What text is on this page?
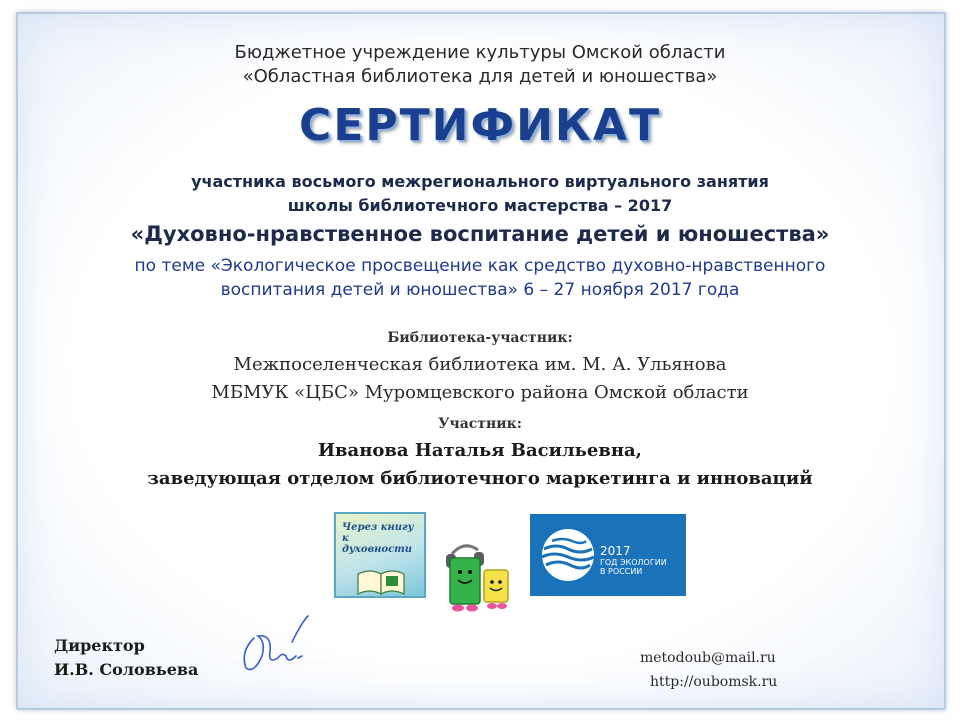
Бюджетное учреждение культуры Омской области
«Областная библиотека для детей и юношества»
СЕРТИФИКАТ
участника восьмого межрегионального виртуального занятия
школы библиотечного мастерства – 2017
«Духовно-нравственное воспитание детей и юношества»
по теме «Экологическое просвещение как средство духовно-нравственного
воспитания детей и юношества» 6 – 27 ноября 2017 года
Библиотека-участник:
Межпоселенческая библиотека им. М. А. Ульянова
МБМУК «ЦБС» Муромцевского района Омской области
Участник:
Иванова Наталья Васильевна,
заведующая отделом библиотечного маркетинга и инноваций
Через книгу к духовности	2017
ГОД ЭКОЛОГИИ
В РОССИИ
Директор
И.В. Соловьева
metodoub@mail.ru
http://oubomsk.ru
